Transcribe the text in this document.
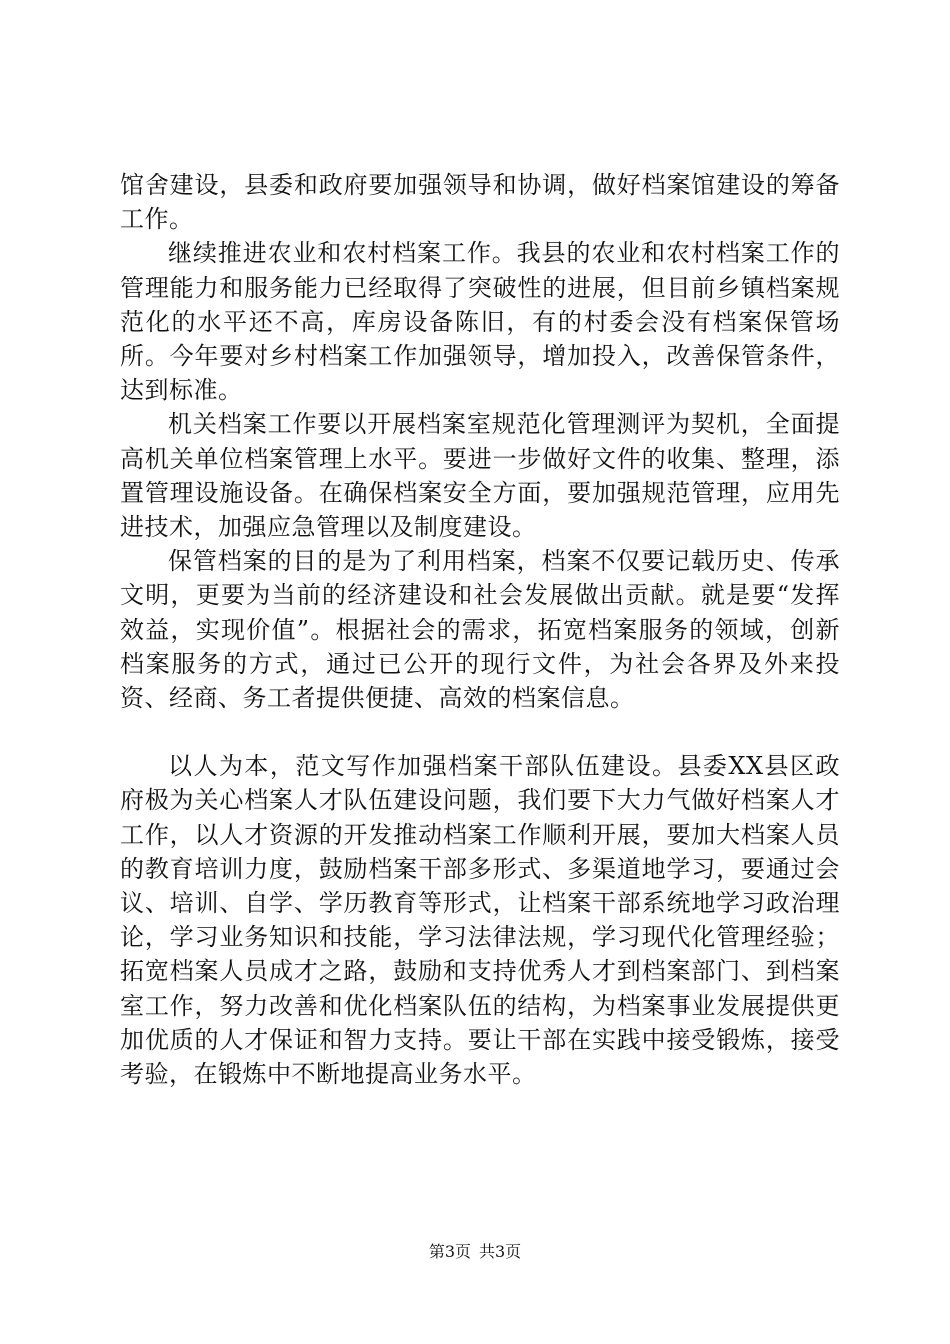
馆舍建设，县委和政府要加强领导和协调，做好档案馆建设的筹备工作。

继续推进农业和农村档案工作。我县的农业和农村档案工作的管理能力和服务能力已经取得了突破性的进展，但目前乡镇档案规范化的水平还不高，库房设备陈旧，有的村委会没有档案保管场所。今年要对乡村档案工作加强领导，增加投入，改善保管条件，达到标准。

机关档案工作要以开展档案室规范化管理测评为契机，全面提高机关单位档案管理上水平。要进一步做好文件的收集、整理，添置管理设施设备。在确保档案安全方面，要加强规范管理，应用先进技术，加强应急管理以及制度建设。

保管档案的目的是为了利用档案，档案不仅要记载历史、传承文明，更要为当前的经济建设和社会发展做出贡献。就是要“发挥效益，实现价值”。根据社会的需求，拓宽档案服务的领域，创新档案服务的方式，通过已公开的现行文件，为社会各界及外来投资、经商、务工者提供便捷、高效的档案信息。

以人为本，范文写作加强档案干部队伍建设。县委XX县区政府极为关心档案人才队伍建设问题，我们要下大力气做好档案人才工作，以人才资源的开发推动档案工作顺利开展，要加大档案人员的教育培训力度，鼓励档案干部多形式、多渠道地学习，要通过会议、培训、自学、学历教育等形式，让档案干部系统地学习政治理论，学习业务知识和技能，学习法律法规，学习现代化管理经验；拓宽档案人员成才之路，鼓励和支持优秀人才到档案部门、到档案室工作，努力改善和优化档案队伍的结构，为档案事业发展提供更加优质的人才保证和智力支持。要让干部在实践中接受锻炼，接受考验，在锻炼中不断地提高业务水平。

第3页 共3页
